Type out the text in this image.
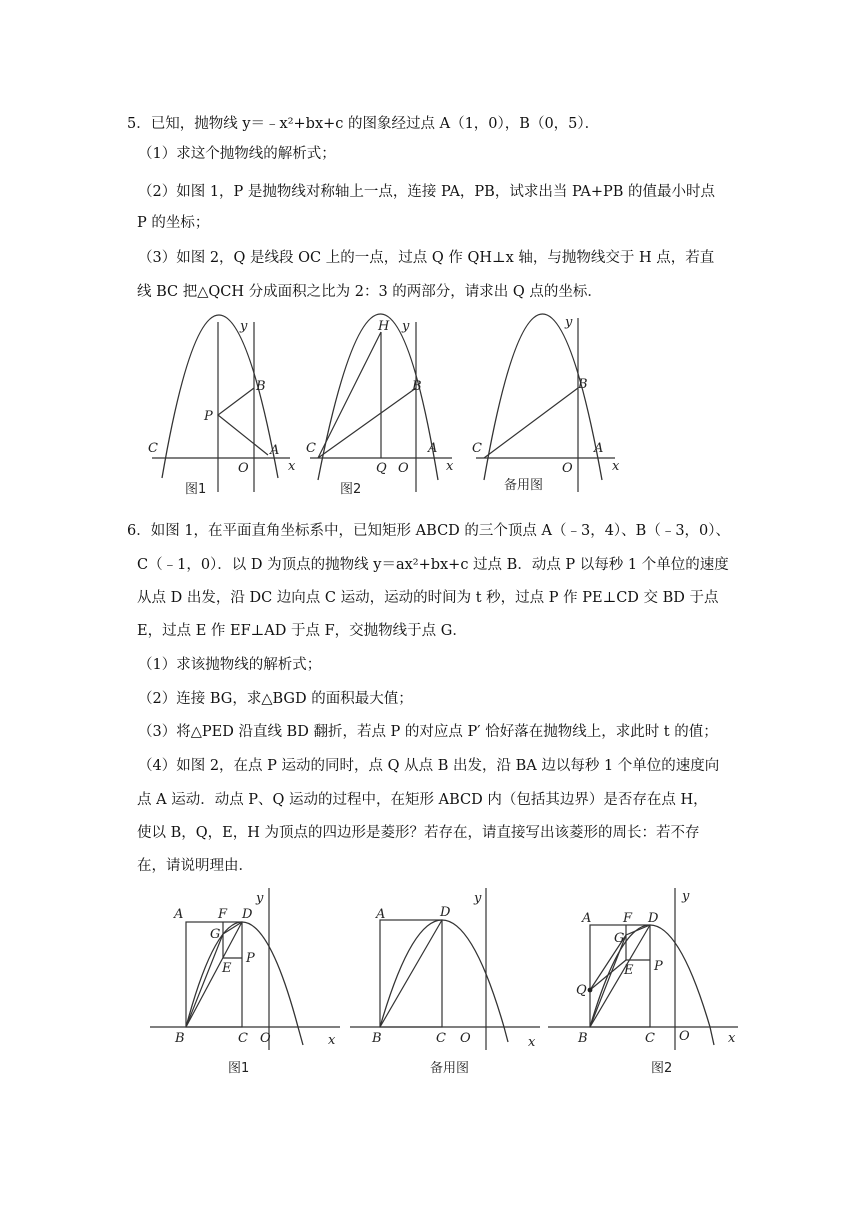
5．已知，抛物线 y＝﹣x²+bx+c 的图象经过点 A（1，0），B（0，5）．
（1）求这个抛物线的解析式；
（2）如图 1，P 是抛物线对称轴上一点，连接 PA，PB，试求出当 PA+PB 的值最小时点
P 的坐标；
（3）如图 2，Q 是线段 OC 上的一点，过点 Q 作 QH⊥x 轴，与抛物线交于 H 点，若直
线 BC 把△QCH 分成面积之比为 2：3 的两部分，请求出 Q 点的坐标．
y
x
O
A
B
C
P
图1
y
x
O
A
B
C
Q
H
图2
y
x
O
A
B
C
备用图
6．如图 1，在平面直角坐标系中，已知矩形 ABCD 的三个顶点 A（﹣3，4）、B（﹣3，0）、
C（﹣1，0）．以 D 为顶点的抛物线 y＝ax²+bx+c 过点 B．动点 P 以每秒 1 个单位的速度
从点 D 出发，沿 DC 边向点 C 运动，运动的时间为 t 秒，过点 P 作 PE⊥CD 交 BD 于点
E，过点 E 作 EF⊥AD 于点 F，交抛物线于点 G．
（1）求该抛物线的解析式；
（2）连接 BG，求△BGD 的面积最大值；
（3）将△PED 沿直线 BD 翻折，若点 P 的对应点 P′ 恰好落在抛物线上，求此时 t 的值；
（4）如图 2，在点 P 运动的同时，点 Q 从点 B 出发，沿 BA 边以每秒 1 个单位的速度向
点 A 运动．动点 P、Q 运动的过程中，在矩形 ABCD 内（包括其边界）是否存在点 H，
使以 B，Q，E，H 为顶点的四边形是菱形？若存在，请直接写出该菱形的周长：若不存
在，请说明理由．
y
x
A	F D
G
E
P
B	C O
图1
y
x
A	D
B	C O
备用图
y
x
A F D
G
E P
Q
B	C O
图2
